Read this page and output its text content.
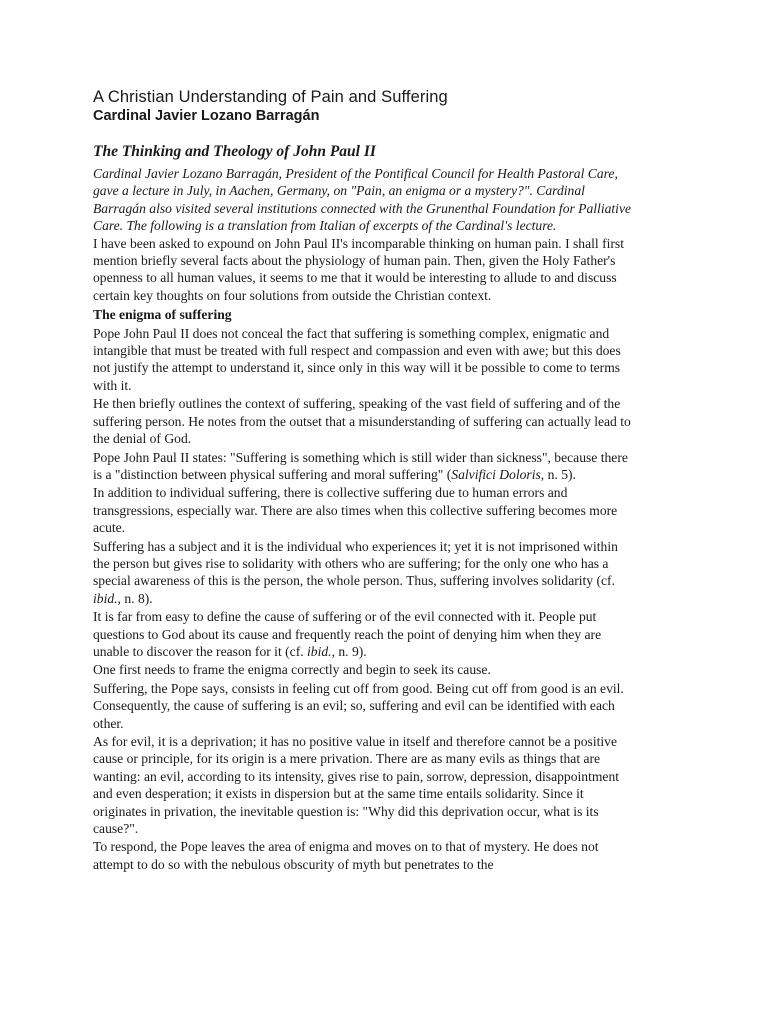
A Christian Understanding of Pain and Suffering
Cardinal Javier Lozano Barragán
The Thinking and Theology of John Paul II

Cardinal Javier Lozano Barragán, President of the Pontifical Council for Health Pastoral Care, gave a lecture in July, in Aachen, Germany, on "Pain, an enigma or a mystery?". Cardinal Barragán also visited several institutions connected with the Grunenthal Foundation for Palliative Care. The following is a translation from Italian of excerpts of the Cardinal's lecture.

I have been asked to expound on John Paul II's incomparable thinking on human pain. I shall first mention briefly several facts about the physiology of human pain. Then, given the Holy Father's openness to all human values, it seems to me that it would be interesting to allude to and discuss certain key thoughts on four solutions from outside the Christian context.

The enigma of suffering

Pope John Paul II does not conceal the fact that suffering is something complex, enigmatic and intangible that must be treated with full respect and compassion and even with awe; but this does not justify the attempt to understand it, since only in this way will it be possible to come to terms with it.

He then briefly outlines the context of suffering, speaking of the vast field of suffering and of the suffering person. He notes from the outset that a misunderstanding of suffering can actually lead to the denial of God.

Pope John Paul II states: "Suffering is something which is still wider than sickness", because there is a "distinction between physical suffering and moral suffering" (Salvifici Doloris, n. 5).

In addition to individual suffering, there is collective suffering due to human errors and transgressions, especially war. There are also times when this collective suffering becomes more acute.

Suffering has a subject and it is the individual who experiences it; yet it is not imprisoned within the person but gives rise to solidarity with others who are suffering; for the only one who has a special awareness of this is the person, the whole person. Thus, suffering involves solidarity (cf. ibid., n. 8).

It is far from easy to define the cause of suffering or of the evil connected with it. People put questions to God about its cause and frequently reach the point of denying him when they are unable to discover the reason for it (cf. ibid., n. 9).

One first needs to frame the enigma correctly and begin to seek its cause.

Suffering, the Pope says, consists in feeling cut off from good. Being cut off from good is an evil. Consequently, the cause of suffering is an evil; so, suffering and evil can be identified with each other.

As for evil, it is a deprivation; it has no positive value in itself and therefore cannot be a positive cause or principle, for its origin is a mere privation. There are as many evils as things that are wanting: an evil, according to its intensity, gives rise to pain, sorrow, depression, disappointment and even desperation; it exists in dispersion but at the same time entails solidarity. Since it originates in privation, the inevitable question is: "Why did this deprivation occur, what is its cause?".

To respond, the Pope leaves the area of enigma and moves on to that of mystery. He does not attempt to do so with the nebulous obscurity of myth but penetrates to the
